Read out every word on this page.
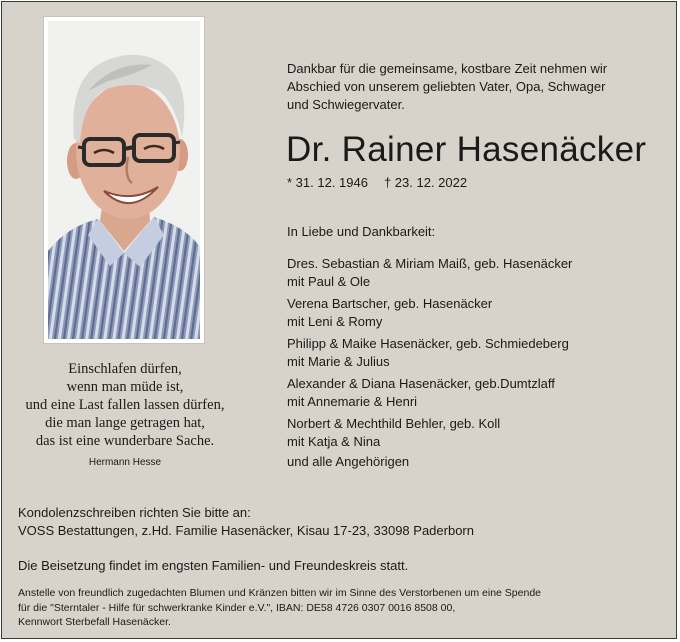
Einschlafen dürfen,
wenn man müde ist,
und eine Last fallen lassen dürfen,
die man lange getragen hat,
das ist eine wunderbare Sache.
Hermann Hesse
Dankbar für die gemeinsame, kostbare Zeit nehmen wir
Abschied von unserem geliebten Vater, Opa, Schwager
und Schwiegervater.
Dr. Rainer Hasenäcker
* 31. 12. 1946 † 23. 12. 2022
In Liebe und Dankbarkeit:
Dres. Sebastian & Miriam Maiß, geb. Hasenäcker
mit Paul & Ole
Verena Bartscher, geb. Hasenäcker
mit Leni & Romy
Philipp & Maike Hasenäcker, geb. Schmiedeberg
mit Marie & Julius
Alexander & Diana Hasenäcker, geb.Dumtzlaff
mit Annemarie & Henri
Norbert & Mechthild Behler, geb. Koll
mit Katja & Nina
und alle Angehörigen
Kondolenzschreiben richten Sie bitte an:
VOSS Bestattungen, z.Hd. Familie Hasenäcker, Kisau 17-23, 33098 Paderborn
Die Beisetzung findet im engsten Familien- und Freundeskreis statt.
Anstelle von freundlich zugedachten Blumen und Kränzen bitten wir im Sinne des Verstorbenen um eine Spende
für die "Sterntaler - Hilfe für schwerkranke Kinder e.V.", IBAN: DE58 4726 0307 0016 8508 00,
Kennwort Sterbefall Hasenäcker.
